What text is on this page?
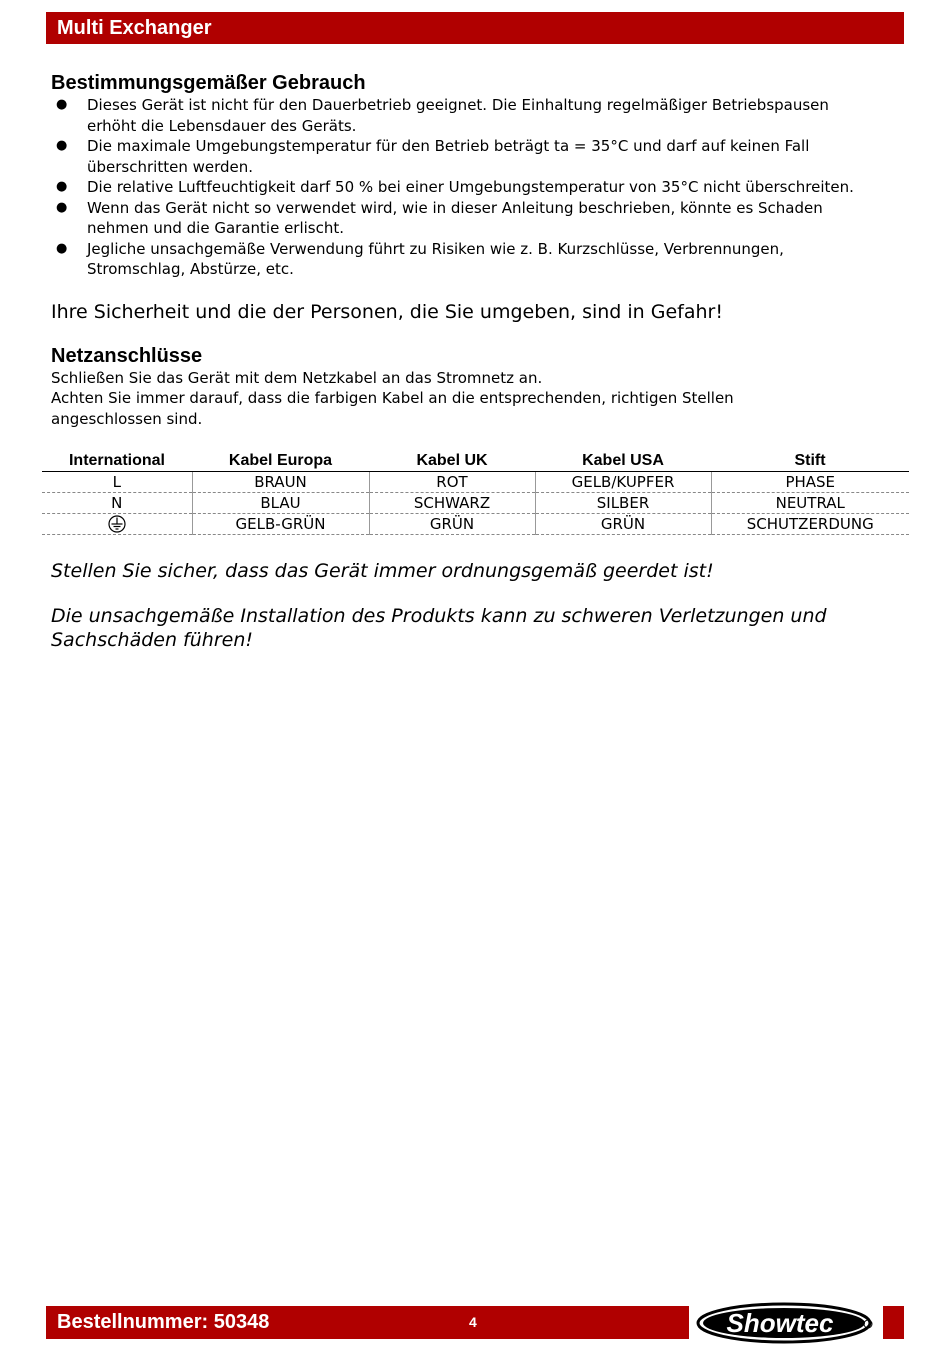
Multi Exchanger
Bestimmungsgemäßer Gebrauch
● Dieses Gerät ist nicht für den Dauerbetrieb geeignet. Die Einhaltung regelmäßiger Betriebspausen
erhöht die Lebensdauer des Geräts.
● Die maximale Umgebungstemperatur für den Betrieb beträgt ta = 35°C und darf auf keinen Fall
überschritten werden.
● Die relative Luftfeuchtigkeit darf 50 % bei einer Umgebungstemperatur von 35°C nicht überschreiten.
● Wenn das Gerät nicht so verwendet wird, wie in dieser Anleitung beschrieben, könnte es Schaden
nehmen und die Garantie erlischt.
● Jegliche unsachgemäße Verwendung führt zu Risiken wie z. B. Kurzschlüsse, Verbrennungen,
Stromschlag, Abstürze, etc.

Ihre Sicherheit und die der Personen, die Sie umgeben, sind in Gefahr!

Netzanschlüsse

Schließen Sie das Gerät mit dem Netzkabel an das Stromnetz an.
Achten Sie immer darauf, dass die farbigen Kabel an die entsprechenden, richtigen Stellen
angeschlossen sind.

International	Kabel Europa	Kabel UK	Kabel USA	Stift
L	BRAUN	ROT	GELB/KUPFER	PHASE
N	BLAU	SCHWARZ	SILBER	NEUTRAL
	GELB-GRÜN	GRÜN	GRÜN	SCHUTZERDUNG

Stellen Sie sicher, dass das Gerät immer ordnungsgemäß geerdet ist!

Die unsachgemäße Installation des Produkts kann zu schweren Verletzungen und
Sachschäden führen!

Bestellnummer: 50348	4	Showtec
